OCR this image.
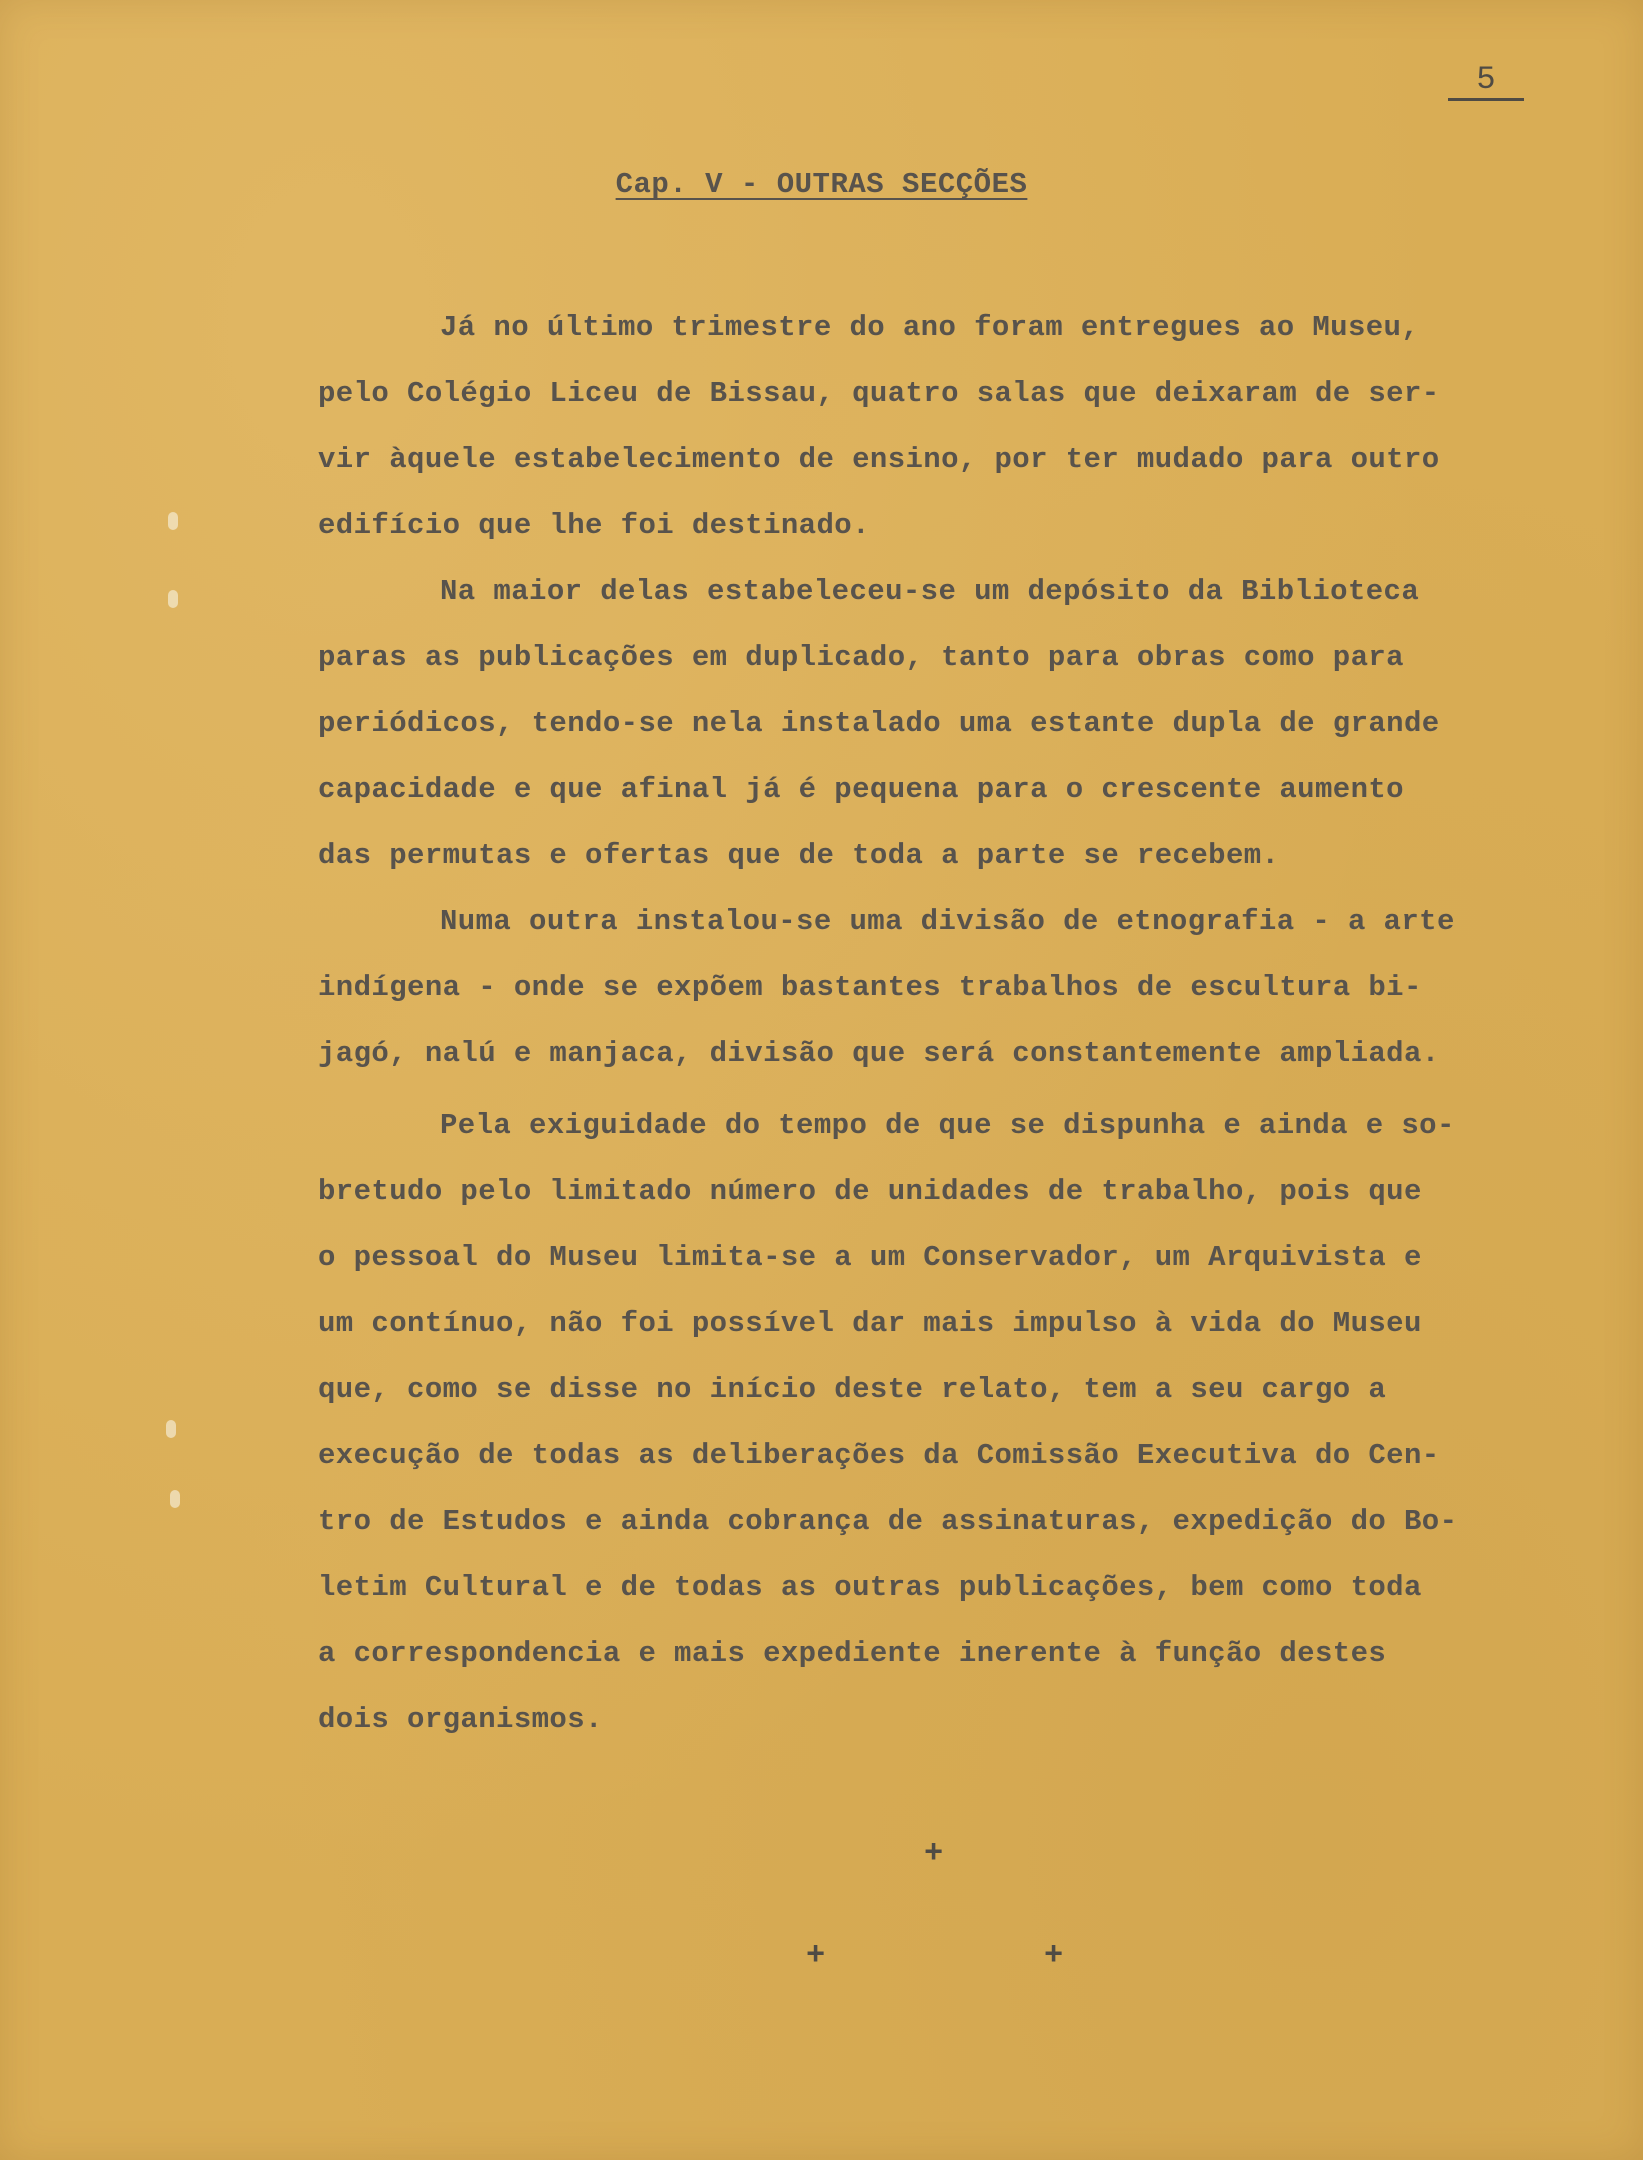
5
Cap. V - OUTRAS SECÇÕES
Já no último trimestre do ano foram entregues ao Museu,
pelo Colégio Liceu de Bissau, quatro salas que deixaram de ser-
vir àquele estabelecimento de ensino, por ter mudado para outro
edifício que lhe foi destinado.
Na maior delas estabeleceu-se um depósito da Biblioteca
paras as publicações em duplicado, tanto para obras como para
periódicos, tendo-se nela instalado uma estante dupla de grande
capacidade e que afinal já é pequena para o crescente aumento
das permutas e ofertas que de toda a parte se recebem.
Numa outra instalou-se uma divisão de etnografia - a arte
indígena - onde se expõem bastantes trabalhos de escultura bi-
jagó, nalú e manjaca, divisão que será constantemente ampliada.
Pela exiguidade do tempo de que se dispunha e ainda e so-
bretudo pelo limitado número de unidades de trabalho, pois que
o pessoal do Museu limita-se a um Conservador, um Arquivista e
um contínuo, não foi possível dar mais impulso à vida do Museu
que, como se disse no início deste relato, tem a seu cargo a
execução de todas as deliberações da Comissão Executiva do Cen-
tro de Estudos e ainda cobrança de assinaturas, expedição do Bo-
letim Cultural e de todas as outras publicações, bem como toda
a correspondencia e mais expediente inerente à função destes
dois organismos.
+
+	+
